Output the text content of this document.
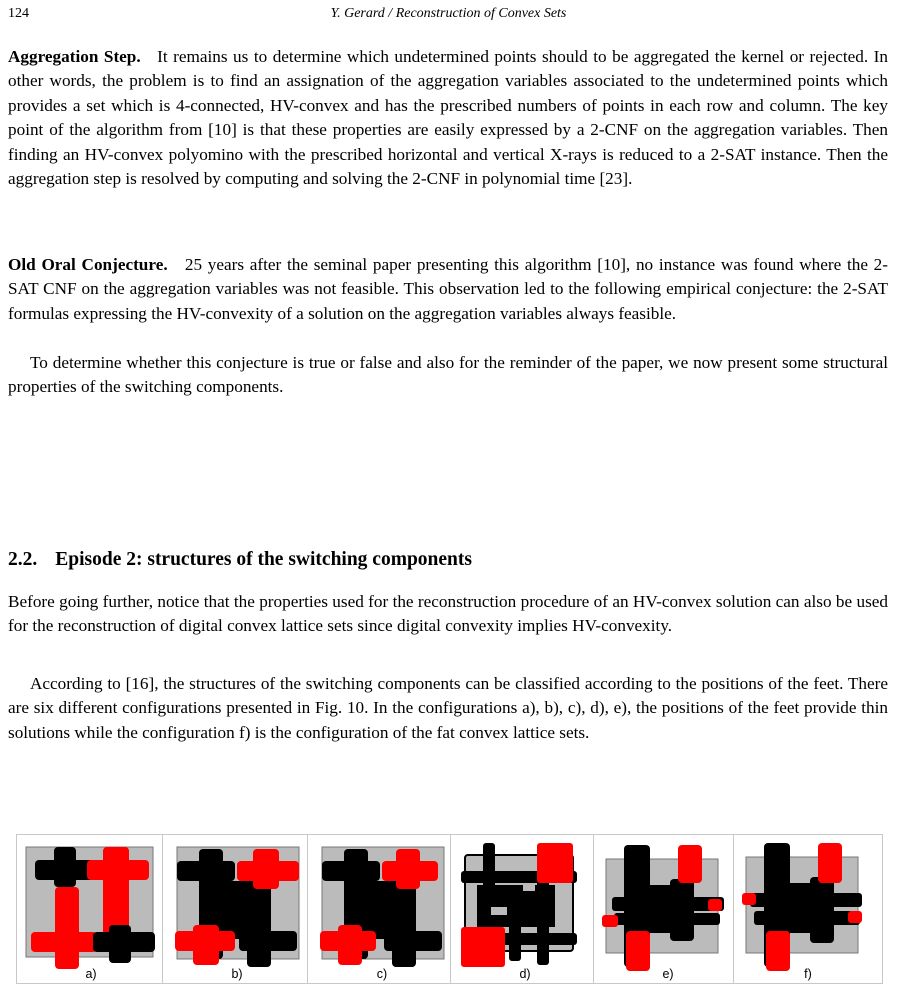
124	Y. Gerard / Reconstruction of Convex Sets

Aggregation Step. It remains us to determine which undetermined points should to be aggregated the kernel or rejected. In other words, the problem is to find an assignation of the aggregation variables associated to the undetermined points which provides a set which is 4-connected, HV-convex and has the prescribed numbers of points in each row and column. The key point of the algorithm from [10] is that these properties are easily expressed by a 2-CNF on the aggregation variables. Then finding an HV-convex polyomino with the prescribed horizontal and vertical X-rays is reduced to a 2-SAT instance. Then the aggregation step is resolved by computing and solving the 2-CNF in polynomial time [23].

Old Oral Conjecture. 25 years after the seminal paper presenting this algorithm [10], no instance was found where the 2-SAT CNF on the aggregation variables was not feasible. This observation led to the following empirical conjecture: the 2-SAT formulas expressing the HV-convexity of a solution on the aggregation variables always feasible.

To determine whether this conjecture is true or false and also for the reminder of the paper, we now present some structural properties of the switching components.

2.2. Episode 2: structures of the switching components

Before going further, notice that the properties used for the reconstruction procedure of an HV-convex solution can also be used for the reconstruction of digital convex lattice sets since digital convexity implies HV-convexity.

According to [16], the structures of the switching components can be classified according to the positions of the feet. There are six different configurations presented in Fig. 10. In the configurations a), b), c), d), e), the positions of the feet provide thin solutions while the configuration f) is the configuration of the fat convex lattice sets.

a)	b)	c)	d)	e)	f)
